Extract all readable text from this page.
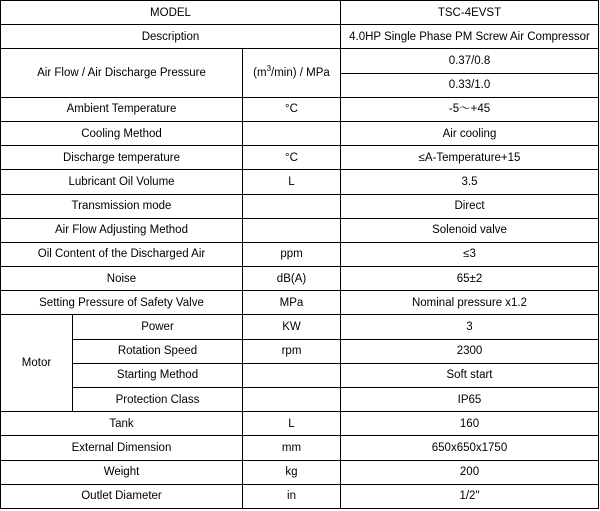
MODEL			TSC-4EVST
Description			4.0HP Single Phase PM Screw Air Compressor
Air Flow / Air Discharge Pressure		$(m^3/\min)$ / MPa	0.37/0.8
			0.33/1.0
Ambient Temperature		°C	-5～+45
Cooling Method			Air cooling
Discharge temperature		°C	≤A-Temperature+15
Lubricant Oil Volume		L	3.5
Transmission mode			Direct
Air Flow Adjusting Method			Solenoid valve
Oil Content of the Discharged Air		ppm	≤3
Noise		dB(A)	65±2
Setting Pressure of Safety Valve		MPa	Nominal pressure x1.2
Motor	Power	KW	3
	Rotation Speed	rpm	2300
	Starting Method		Soft start
	Protection Class		IP65
Tank		L	160
External Dimension		mm	650x650x1750
Weight		kg	200
Outlet Diameter		in	1/2"
